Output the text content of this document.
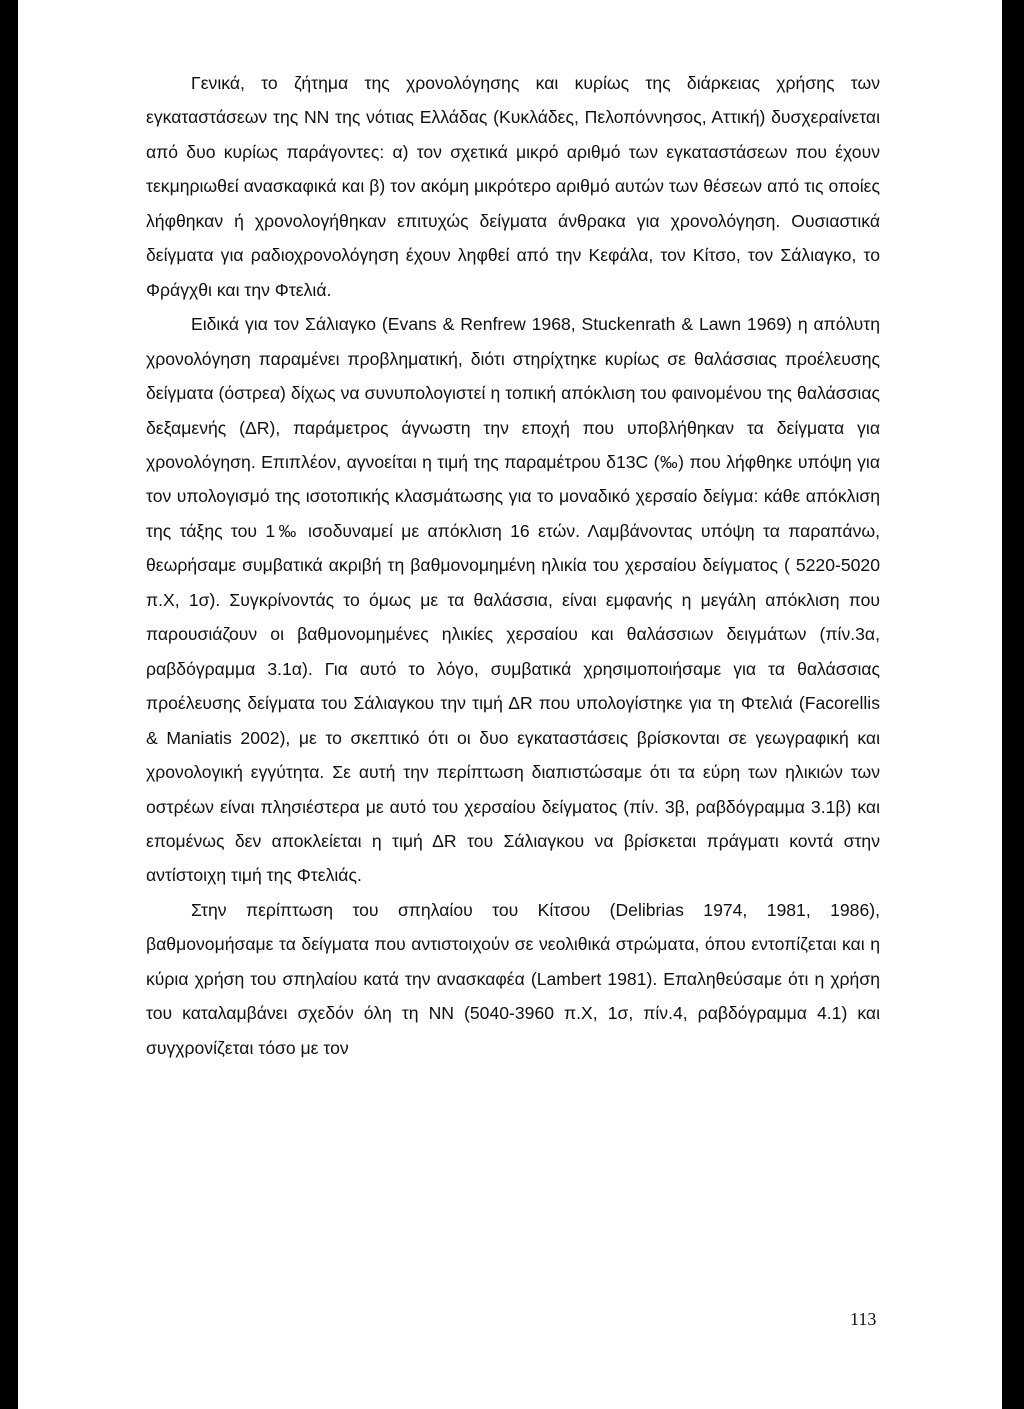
Γενικά, το ζήτημα της χρονολόγησης και κυρίως της διάρκειας χρήσης των εγκαταστάσεων της ΝΝ της νότιας Ελλάδας (Κυκλάδες, Πελοπόννησος, Αττική) δυσχεραίνεται από δυο κυρίως παράγοντες: α) τον σχετικά μικρό αριθμό των εγκαταστάσεων που έχουν τεκμηριωθεί ανασκαφικά και β) τον ακόμη μικρότερο αριθμό αυτών των θέσεων από τις οποίες λήφθηκαν ή χρονολογήθηκαν επιτυχώς δείγματα άνθρακα για χρονολόγηση. Ουσιαστικά δείγματα για ραδιοχρονολόγηση έχουν ληφθεί από την Κεφάλα, τον Κίτσο, τον Σάλιαγκο, το Φράγχθι και την Φτελιά.

Ειδικά για τον Σάλιαγκο (Evans & Renfrew 1968, Stuckenrath & Lawn 1969) η απόλυτη χρονολόγηση παραμένει προβληματική, διότι στηρίχτηκε κυρίως σε θαλάσσιας προέλευσης δείγματα (όστρεα) δίχως να συνυπολογιστεί η τοπική απόκλιση του φαινομένου της θαλάσσιας δεξαμενής (ΔR), παράμετρος άγνωστη την εποχή που υποβλήθηκαν τα δείγματα για χρονολόγηση. Επιπλέον, αγνοείται η τιμή της παραμέτρου δ13C (‰) που λήφθηκε υπόψη για τον υπολογισμό της ισοτοπικής κλασμάτωσης για το μοναδικό χερσαίο δείγμα: κάθε απόκλιση της τάξης του 1‰ ισοδυναμεί με απόκλιση 16 ετών. Λαμβάνοντας υπόψη τα παραπάνω, θεωρήσαμε συμβατικά ακριβή τη βαθμονομημένη ηλικία του χερσαίου δείγματος ( 5220-5020 π.Χ, 1σ). Συγκρίνοντάς το όμως με τα θαλάσσια, είναι εμφανής η μεγάλη απόκλιση που παρουσιάζουν οι βαθμονομημένες ηλικίες χερσαίου και θαλάσσιων δειγμάτων (πίν.3α, ραβδόγραμμα 3.1α). Για αυτό το λόγο, συμβατικά χρησιμοποιήσαμε για τα θαλάσσιας προέλευσης δείγματα του Σάλιαγκου την τιμή ΔR που υπολογίστηκε για τη Φτελιά (Facorellis & Maniatis 2002), με το σκεπτικό ότι οι δυο εγκαταστάσεις βρίσκονται σε γεωγραφική και χρονολογική εγγύτητα. Σε αυτή την περίπτωση διαπιστώσαμε ότι τα εύρη των ηλικιών των οστρέων είναι πλησιέστερα με αυτό του χερσαίου δείγματος (πίν. 3β, ραβδόγραμμα 3.1β) και επομένως δεν αποκλείεται η τιμή ΔR του Σάλιαγκου να βρίσκεται πράγματι κοντά στην αντίστοιχη τιμή της Φτελιάς.

Στην περίπτωση του σπηλαίου του Κίτσου (Delibrias 1974, 1981, 1986), βαθμονομήσαμε τα δείγματα που αντιστοιχούν σε νεολιθικά στρώματα, όπου εντοπίζεται και η κύρια χρήση του σπηλαίου κατά την ανασκαφέα (Lambert 1981). Επαληθεύσαμε ότι η χρήση του καταλαμβάνει σχεδόν όλη τη ΝΝ (5040-3960 π.Χ, 1σ, πίν.4, ραβδόγραμμα 4.1) και συγχρονίζεται τόσο με τον

113
